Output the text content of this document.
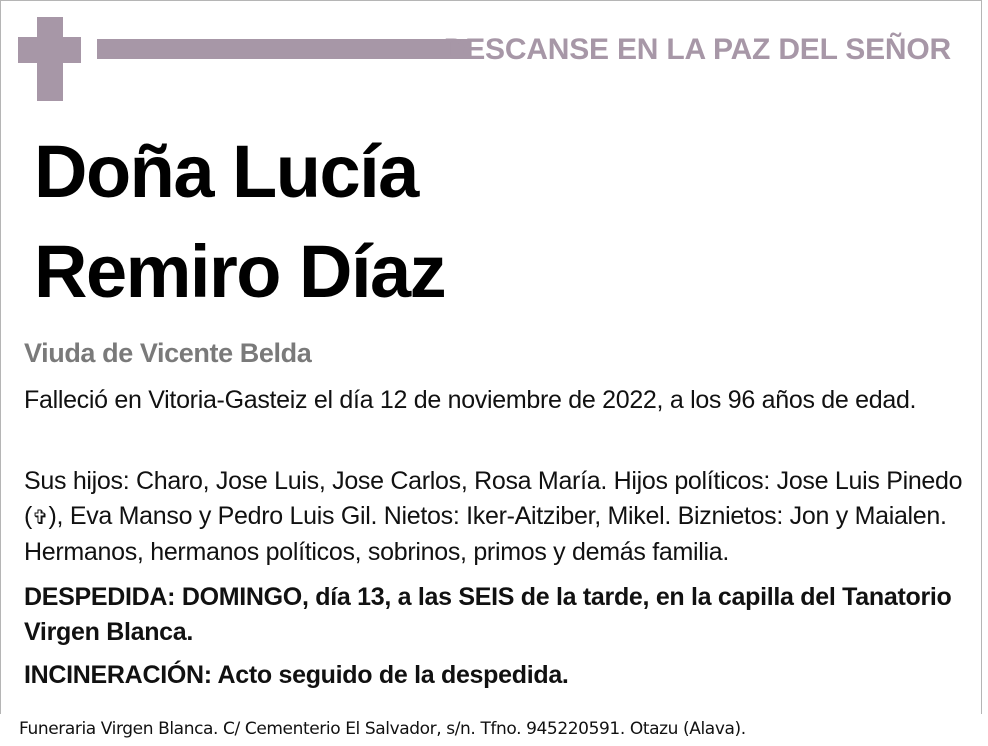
DESCANSE EN LA PAZ DEL SEÑOR
Doña Lucía
Remiro Díaz
Viuda de Vicente Belda

Falleció en Vitoria-Gasteiz el día 12 de noviembre de 2022, a los 96 años de edad.

Sus hijos: Charo, Jose Luis, Jose Carlos, Rosa María. Hijos políticos: Jose Luis Pinedo (✞), Eva Manso y Pedro Luis Gil. Nietos: Iker-Aitziber, Mikel. Biznietos: Jon y Maialen. Hermanos, hermanos políticos, sobrinos, primos y demás familia.

DESPEDIDA: DOMINGO, día 13, a las SEIS de la tarde, en la capilla del Tanatorio Virgen Blanca.

INCINERACIÓN: Acto seguido de la despedida.

Funeraria Virgen Blanca. C/ Cementerio El Salvador, s/n. Tfno. 945220591. Otazu (Alava).
